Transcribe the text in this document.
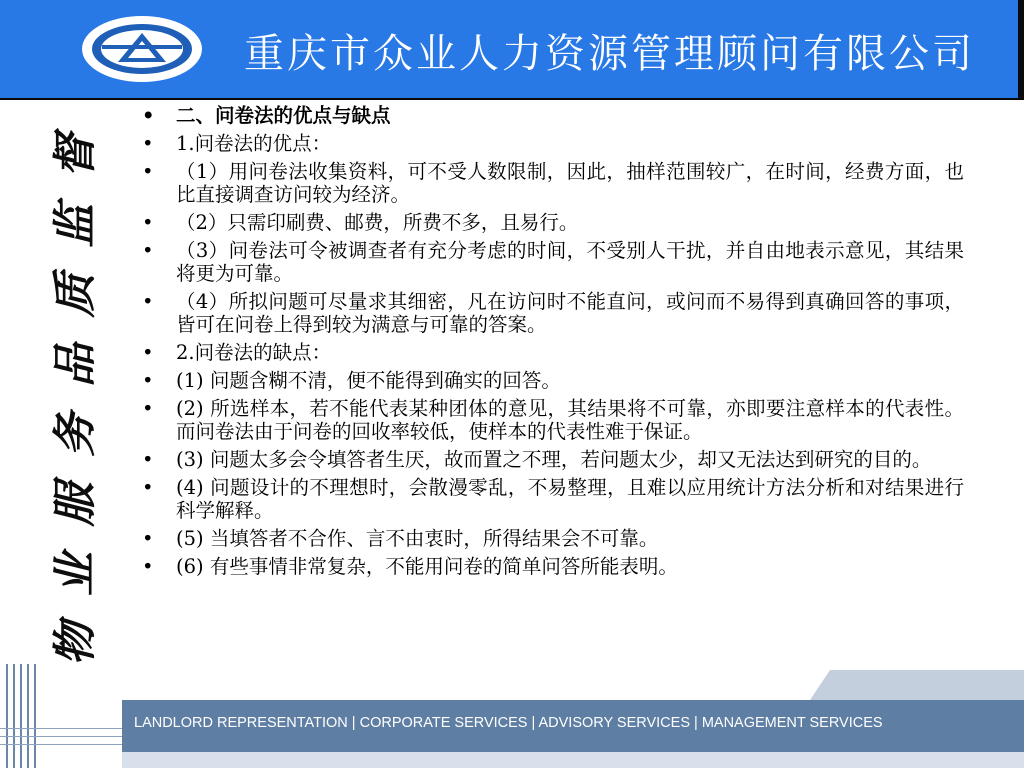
重庆市众业人力资源管理顾问有限公司
物业服务品质监督
• 二、问卷法的优点与缺点
• 1.问卷法的优点：
• （1）用问卷法收集资料，可不受人数限制，因此，抽样范围较广，在时间，经费方面，也比直接调查访问较为经济。
• （2）只需印刷费、邮费，所费不多，且易行。
• （3）问卷法可令被调查者有充分考虑的时间，不受别人干扰，并自由地表示意见，其结果将更为可靠。
• （4）所拟问题可尽量求其细密，凡在访问时不能直问，或问而不易得到真确回答的事项，皆可在问卷上得到较为满意与可靠的答案。
• 2.问卷法的缺点：
• (1) 问题含糊不清，便不能得到确实的回答。
• (2) 所选样本，若不能代表某种团体的意见，其结果将不可靠，亦即要注意样本的代表性。而问卷法由于问卷的回收率较低，使样本的代表性难于保证。
• (3) 问题太多会令填答者生厌，故而置之不理，若问题太少，却又无法达到研究的目的。
• (4) 问题设计的不理想时，会散漫零乱，不易整理，且难以应用统计方法分析和对结果进行科学解释。
• (5) 当填答者不合作、言不由衷时，所得结果会不可靠。
• (6) 有些事情非常复杂，不能用问卷的简单问答所能表明。
LANDLORD REPRESENTATION | CORPORATE SERVICES | ADVISORY SERVICES | MANAGEMENT SERVICES
